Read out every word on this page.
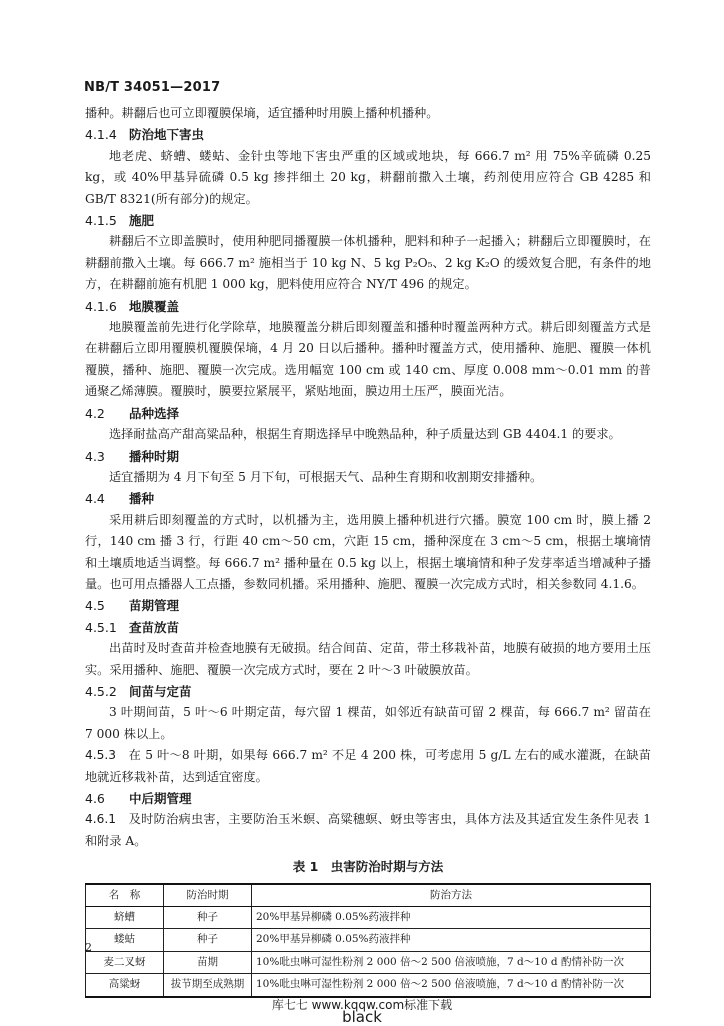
NB/T 34051—2017

播种。耕翻后也可立即覆膜保墒，适宜播种时用膜上播种机播种。

4.1.4 防治地下害虫

地老虎、蛴螬、蝼蛄、金针虫等地下害虫严重的区域或地块，每 666.7 m² 用 75%辛硫磷 0.25 kg，或 40%甲基异硫磷 0.5 kg 掺拌细土 20 kg，耕翻前撒入土壤，药剂使用应符合 GB 4285 和 GB/T 8321(所有部分)的规定。

4.1.5 施肥

耕翻后不立即盖膜时，使用种肥同播覆膜一体机播种，肥料和种子一起播入；耕翻后立即覆膜时，在耕翻前撒入土壤。每 666.7 m² 施相当于 10 kg N、5 kg P₂O₅、2 kg K₂O 的缓效复合肥，有条件的地方，在耕翻前施有机肥 1 000 kg，肥料使用应符合 NY/T 496 的规定。

4.1.6 地膜覆盖

地膜覆盖前先进行化学除草，地膜覆盖分耕后即刻覆盖和播种时覆盖两种方式。耕后即刻覆盖方式是在耕翻后立即用覆膜机覆膜保墒，4 月 20 日以后播种。播种时覆盖方式，使用播种、施肥、覆膜一体机覆膜，播种、施肥、覆膜一次完成。选用幅宽 100 cm 或 140 cm、厚度 0.008 mm～0.01 mm 的普通聚乙烯薄膜。覆膜时，膜要拉紧展平，紧贴地面，膜边用土压严，膜面光洁。

4.2 品种选择

选择耐盐高产甜高粱品种，根据生育期选择早中晚熟品种，种子质量达到 GB 4404.1 的要求。

4.3 播种时期

适宜播期为 4 月下旬至 5 月下旬，可根据天气、品种生育期和收割期安排播种。

4.4 播种

采用耕后即刻覆盖的方式时，以机播为主，选用膜上播种机进行穴播。膜宽 100 cm 时，膜上播 2 行，140 cm 播 3 行，行距 40 cm～50 cm，穴距 15 cm，播种深度在 3 cm～5 cm，根据土壤墒情和土壤质地适当调整。每 666.7 m² 播种量在 0.5 kg 以上，根据土壤墒情和种子发芽率适当增减种子播量。也可用点播器人工点播，参数同机播。采用播种、施肥、覆膜一次完成方式时，相关参数同 4.1.6。

4.5 苗期管理

4.5.1 查苗放苗

出苗时及时查苗并检查地膜有无破损。结合间苗、定苗，带土移栽补苗，地膜有破损的地方要用土压实。采用播种、施肥、覆膜一次完成方式时，要在 2 叶～3 叶破膜放苗。

4.5.2 间苗与定苗

3 叶期间苗，5 叶～6 叶期定苗，每穴留 1 棵苗，如邻近有缺苗可留 2 棵苗，每 666.7 m² 留苗在 7 000 株以上。

4.5.3　 在 5 叶～8 叶期，如果每 666.7 m² 不足 4 200 株，可考虑用 5 g/L 左右的咸水灌溉，在缺苗地就近移栽补苗，达到适宜密度。

4.6 中后期管理

4.6.1　 及时防治病虫害，主要防治玉米螟、高粱穗螟、蚜虫等害虫，具体方法及其适宜发生条件见表 1 和附录 A。

表 1　虫害防治时期与方法
名　称	防治时期	防治方法
蛴螬	种子	20%甲基异柳磷 0.05%药液拌种
蝼蛄	种子	20%甲基异柳磷 0.05%药液拌种
麦二叉蚜	苗期	10%吡虫啉可湿性粉剂 2 000 倍～2 500 倍液喷施，7 d～10 d 酌情补防一次
高粱蚜	拔节期至成熟期	10%吡虫啉可湿性粉剂 2 000 倍～2 500 倍液喷施，7 d～10 d 酌情补防一次
2
库七七 www.kqqw.com标准下载
black
